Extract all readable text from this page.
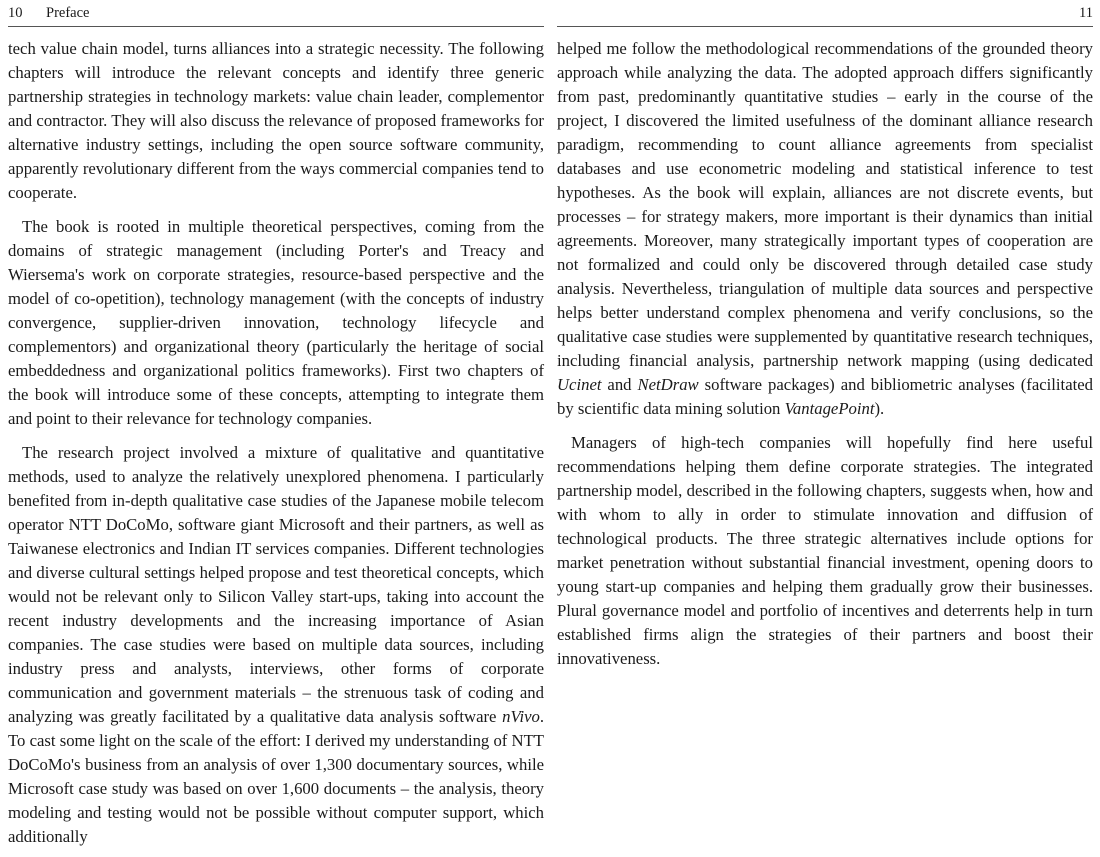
10 Preface

tech value chain model, turns alliances into a strategic necessity. The following chapters will introduce the relevant concepts and identify three generic partnership strategies in technology markets: value chain leader, complementor and contractor. They will also discuss the relevance of proposed frameworks for alternative industry settings, including the open source software community, apparently revolutionary different from the ways commercial companies tend to cooperate.

The book is rooted in multiple theoretical perspectives, coming from the domains of strategic management (including Porter's and Treacy and Wiersema's work on corporate strategies, resource-based perspective and the model of co-opetition), technology management (with the concepts of industry convergence, supplier-driven innovation, technology lifecycle and complementors) and organizational theory (particularly the heritage of social embeddedness and organizational politics frameworks). First two chapters of the book will introduce some of these concepts, attempting to integrate them and point to their relevance for technology companies.

The research project involved a mixture of qualitative and quantitative methods, used to analyze the relatively unexplored phenomena. I particularly benefited from in-depth qualitative case studies of the Japanese mobile telecom operator NTT DoCoMo, software giant Microsoft and their partners, as well as Taiwanese electronics and Indian IT services companies. Different technologies and diverse cultural settings helped propose and test theoretical concepts, which would not be relevant only to Silicon Valley start-ups, taking into account the recent industry developments and the increasing importance of Asian companies. The case studies were based on multiple data sources, including industry press and analysts, interviews, other forms of corporate communication and government materials – the strenuous task of coding and analyzing was greatly facilitated by a qualitative data analysis software nVivo. To cast some light on the scale of the effort: I derived my understanding of NTT DoCoMo's business from an analysis of over 1,300 documentary sources, while Microsoft case study was based on over 1,600 documents – the analysis, theory modeling and testing would not be possible without computer support, which additionally

11

helped me follow the methodological recommendations of the grounded theory approach while analyzing the data. The adopted approach differs significantly from past, predominantly quantitative studies – early in the course of the project, I discovered the limited usefulness of the dominant alliance research paradigm, recommending to count alliance agreements from specialist databases and use econometric modeling and statistical inference to test hypotheses. As the book will explain, alliances are not discrete events, but processes – for strategy makers, more important is their dynamics than initial agreements. Moreover, many strategically important types of cooperation are not formalized and could only be discovered through detailed case study analysis. Nevertheless, triangulation of multiple data sources and perspective helps better understand complex phenomena and verify conclusions, so the qualitative case studies were supplemented by quantitative research techniques, including financial analysis, partnership network mapping (using dedicated Ucinet and NetDraw software packages) and bibliometric analyses (facilitated by scientific data mining solution VantagePoint).

Managers of high-tech companies will hopefully find here useful recommendations helping them define corporate strategies. The integrated partnership model, described in the following chapters, suggests when, how and with whom to ally in order to stimulate innovation and diffusion of technological products. The three strategic alternatives include options for market penetration without substantial financial investment, opening doors to young start-up companies and helping them gradually grow their businesses. Plural governance model and portfolio of incentives and deterrents help in turn established firms align the strategies of their partners and boost their innovativeness.
